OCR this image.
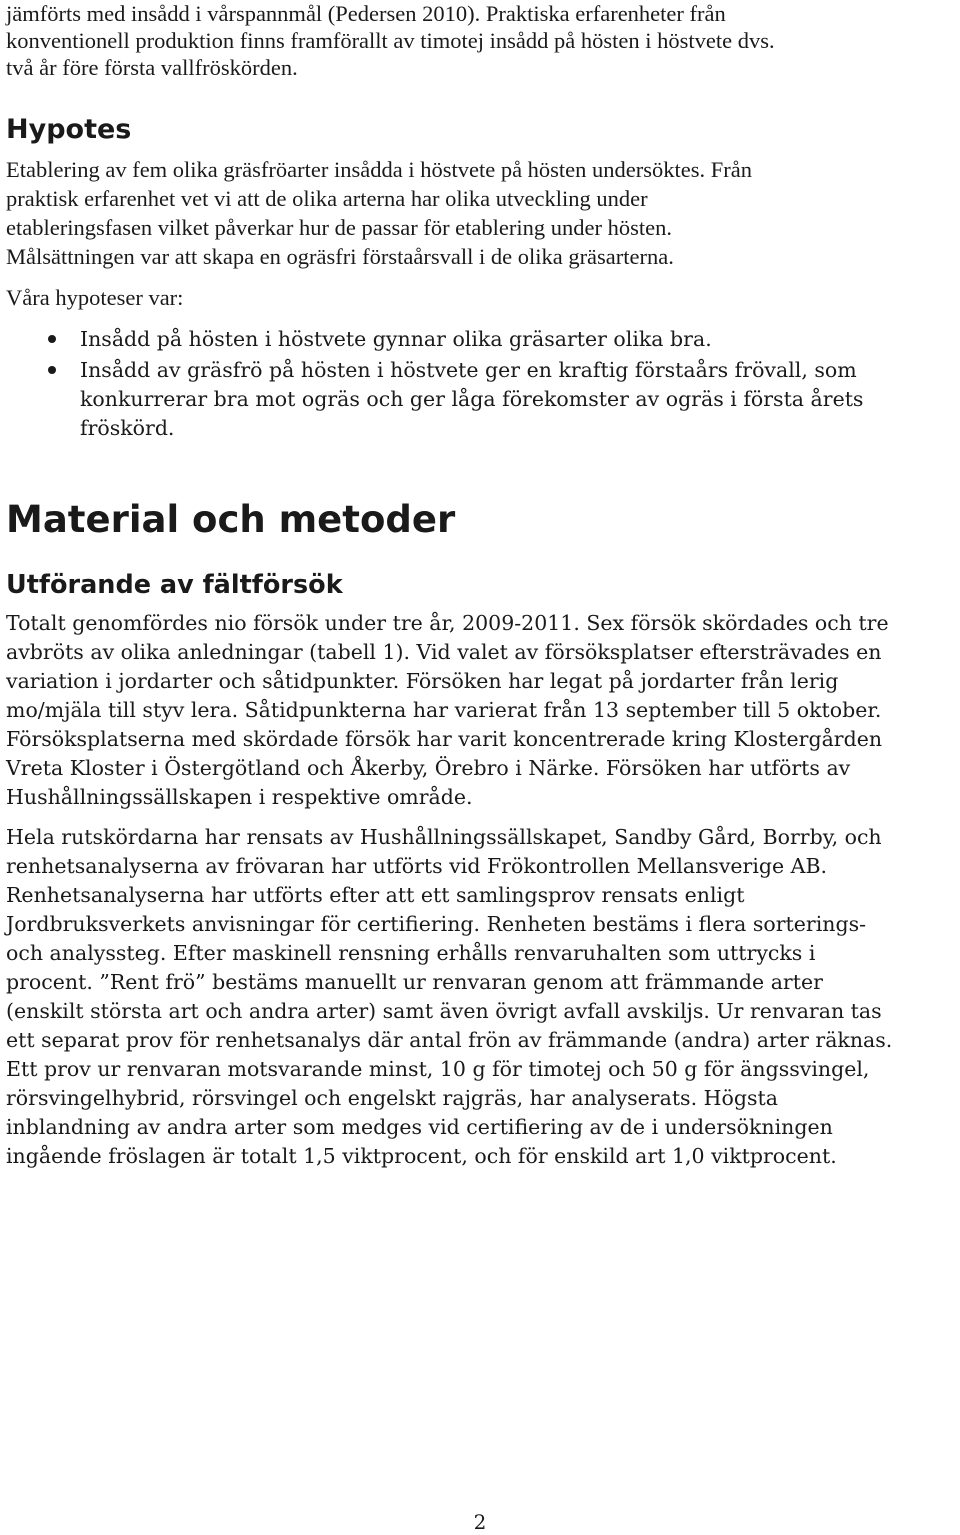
jämförts med insådd i vårspannmål (Pedersen 2010). Praktiska erfarenheter från
konventionell produktion finns framförallt av timotej insådd på hösten i höstvete dvs.
två år före första vallfröskörden.
Hypotes
Etablering av fem olika gräsfröarter insådda i höstvete på hösten undersöktes. Från
praktisk erfarenhet vet vi att de olika arterna har olika utveckling under
etableringsfasen vilket påverkar hur de passar för etablering under hösten.
Målsättningen var att skapa en ogräsfri förstaårsvall i de olika gräsarterna.
Våra hypoteser var:
Insådd på hösten i höstvete gynnar olika gräsarter olika bra.
Insådd av gräsfrö på hösten i höstvete ger en kraftig förstaårs frövall, som
konkurrerar bra mot ogräs och ger låga förekomster av ogräs i första årets
fröskörd.
Material och metoder
Utförande av fältförsök

Totalt genomfördes nio försök under tre år, 2009-2011. Sex försök skördades och tre
avbröts av olika anledningar (tabell 1). Vid valet av försöksplatser eftersträvades en
variation i jordarter och såtidpunkter. Försöken har legat på jordarter från lerig
mo/mjäla till styv lera. Såtidpunkterna har varierat från 13 september till 5 oktober.
Försöksplatserna med skördade försök har varit koncentrerade kring Klostergården
Vreta Kloster i Östergötland och Åkerby, Örebro i Närke. Försöken har utförts av
Hushållningssällskapen i respektive område.

Hela rutskördarna har rensats av Hushållningssällskapet, Sandby Gård, Borrby, och
renhetsanalyserna av frövaran har utförts vid Frökontrollen Mellansverige AB.
Renhetsanalyserna har utförts efter att ett samlingsprov rensats enligt
Jordbruksverkets anvisningar för certifiering. Renheten bestäms i flera sorterings-
och analyssteg. Efter maskinell rensning erhålls renvaruhalten som uttrycks i
procent. ”Rent frö” bestäms manuellt ur renvaran genom att främmande arter
(enskilt största art och andra arter) samt även övrigt avfall avskiljs. Ur renvaran tas
ett separat prov för renhetsanalys där antal frön av främmande (andra) arter räknas.
Ett prov ur renvaran motsvarande minst, 10 g för timotej och 50 g för ängssvingel,
rörsvingelhybrid, rörsvingel och engelskt rajgräs, har analyserats. Högsta
inblandning av andra arter som medges vid certifiering av de i undersökningen
ingående fröslagen är totalt 1,5 viktprocent, och för enskild art 1,0 viktprocent.

2
